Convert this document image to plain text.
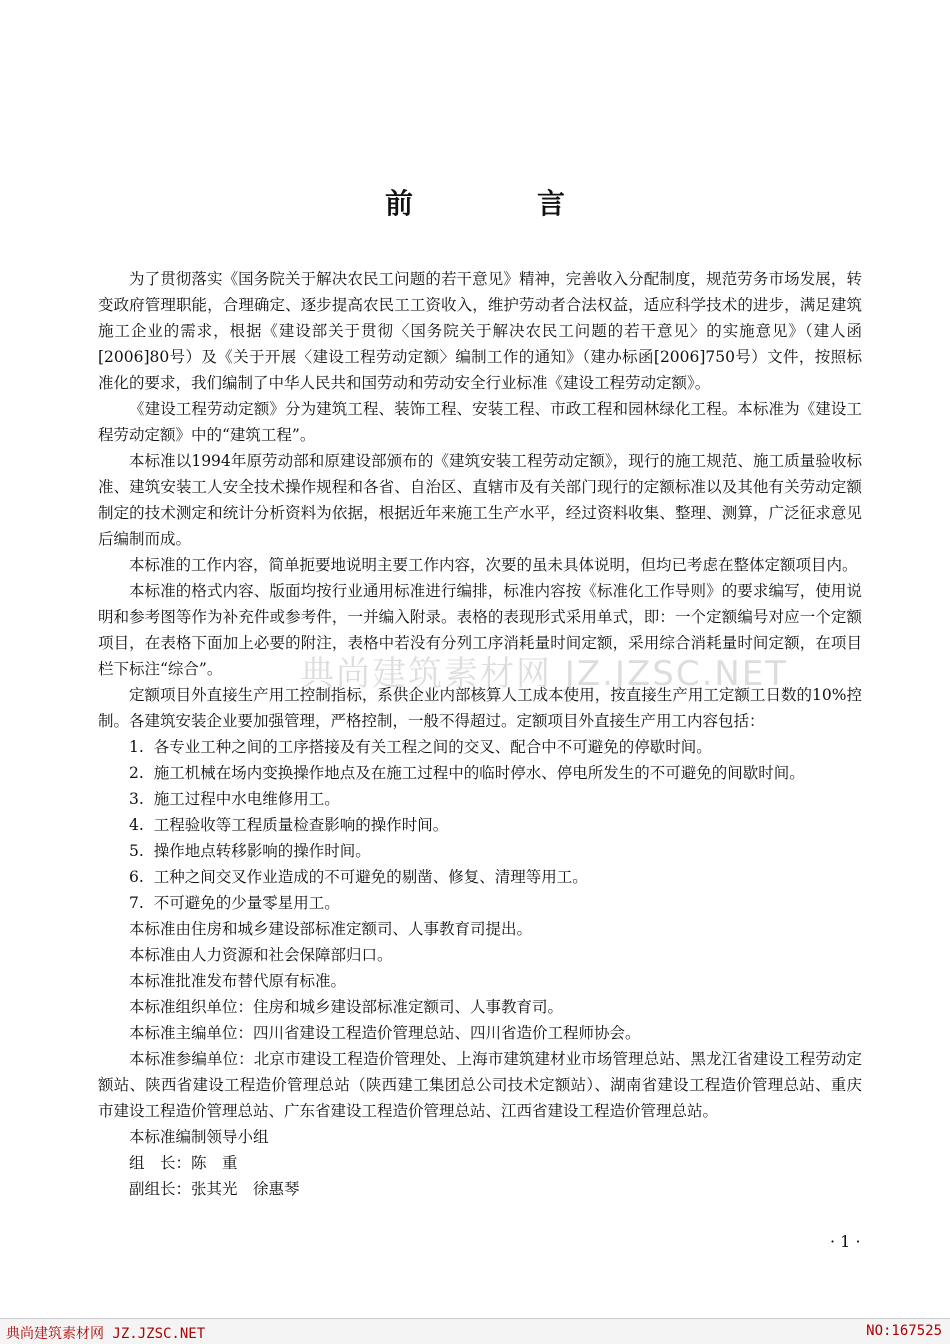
前　言

为了贯彻落实《国务院关于解决农民工问题的若干意见》精神，完善收入分配制度，规范劳务市场发展，转变政府管理职能，合理确定、逐步提高农民工工资收入，维护劳动者合法权益，适应科学技术的进步，满足建筑施工企业的需求，根据《建设部关于贯彻〈国务院关于解决农民工问题的若干意见〉的实施意见》（建人函[2006]80号）及《关于开展〈建设工程劳动定额〉编制工作的通知》（建办标函[2006]750号）文件，按照标准化的要求，我们编制了中华人民共和国劳动和劳动安全行业标准《建设工程劳动定额》。

《建设工程劳动定额》分为建筑工程、装饰工程、安装工程、市政工程和园林绿化工程。本标准为《建设工程劳动定额》中的“建筑工程”。

本标准以1994年原劳动部和原建设部颁布的《建筑安装工程劳动定额》，现行的施工规范、施工质量验收标准、建筑安装工人安全技术操作规程和各省、自治区、直辖市及有关部门现行的定额标准以及其他有关劳动定额制定的技术测定和统计分析资料为依据，根据近年来施工生产水平，经过资料收集、整理、测算，广泛征求意见后编制而成。

本标准的工作内容，简单扼要地说明主要工作内容，次要的虽未具体说明，但均已考虑在整体定额项目内。

本标准的格式内容、版面均按行业通用标准进行编排，标准内容按《标准化工作导则》的要求编写，使用说明和参考图等作为补充件或参考件，一并编入附录。表格的表现形式采用单式，即：一个定额编号对应一个定额项目，在表格下面加上必要的附注，表格中若没有分列工序消耗量时间定额，采用综合消耗量时间定额，在项目栏下标注“综合”。

定额项目外直接生产用工控制指标，系供企业内部核算人工成本使用，按直接生产用工定额工日数的10%控制。各建筑安装企业要加强管理，严格控制，一般不得超过。定额项目外直接生产用工内容包括：

1. 各专业工种之间的工序搭接及有关工程之间的交叉、配合中不可避免的停歇时间。

2. 施工机械在场内变换操作地点及在施工过程中的临时停水、停电所发生的不可避免的间歇时间。

3. 施工过程中水电维修用工。

4. 工程验收等工程质量检查影响的操作时间。

5. 操作地点转移影响的操作时间。

6. 工种之间交叉作业造成的不可避免的剔凿、修复、清理等用工。

7. 不可避免的少量零星用工。

本标准由住房和城乡建设部标准定额司、人事教育司提出。

本标准由人力资源和社会保障部归口。

本标准批准发布替代原有标准。

本标准组织单位：住房和城乡建设部标准定额司、人事教育司。

本标准主编单位：四川省建设工程造价管理总站、四川省造价工程师协会。

本标准参编单位：北京市建设工程造价管理处、上海市建筑建材业市场管理总站、黑龙江省建设工程劳动定额站、陕西省建设工程造价管理总站（陕西建工集团总公司技术定额站）、湖南省建设工程造价管理总站、重庆市建设工程造价管理总站、广东省建设工程造价管理总站、江西省建设工程造价管理总站。

本标准编制领导小组

组　长：陈　重

副组长：张其光　徐惠琴

典尚建筑素材网 JZ.JZSC.NET
· 1 ·
典尚建筑素材网 JZ.JZSC.NET	NO:167525
